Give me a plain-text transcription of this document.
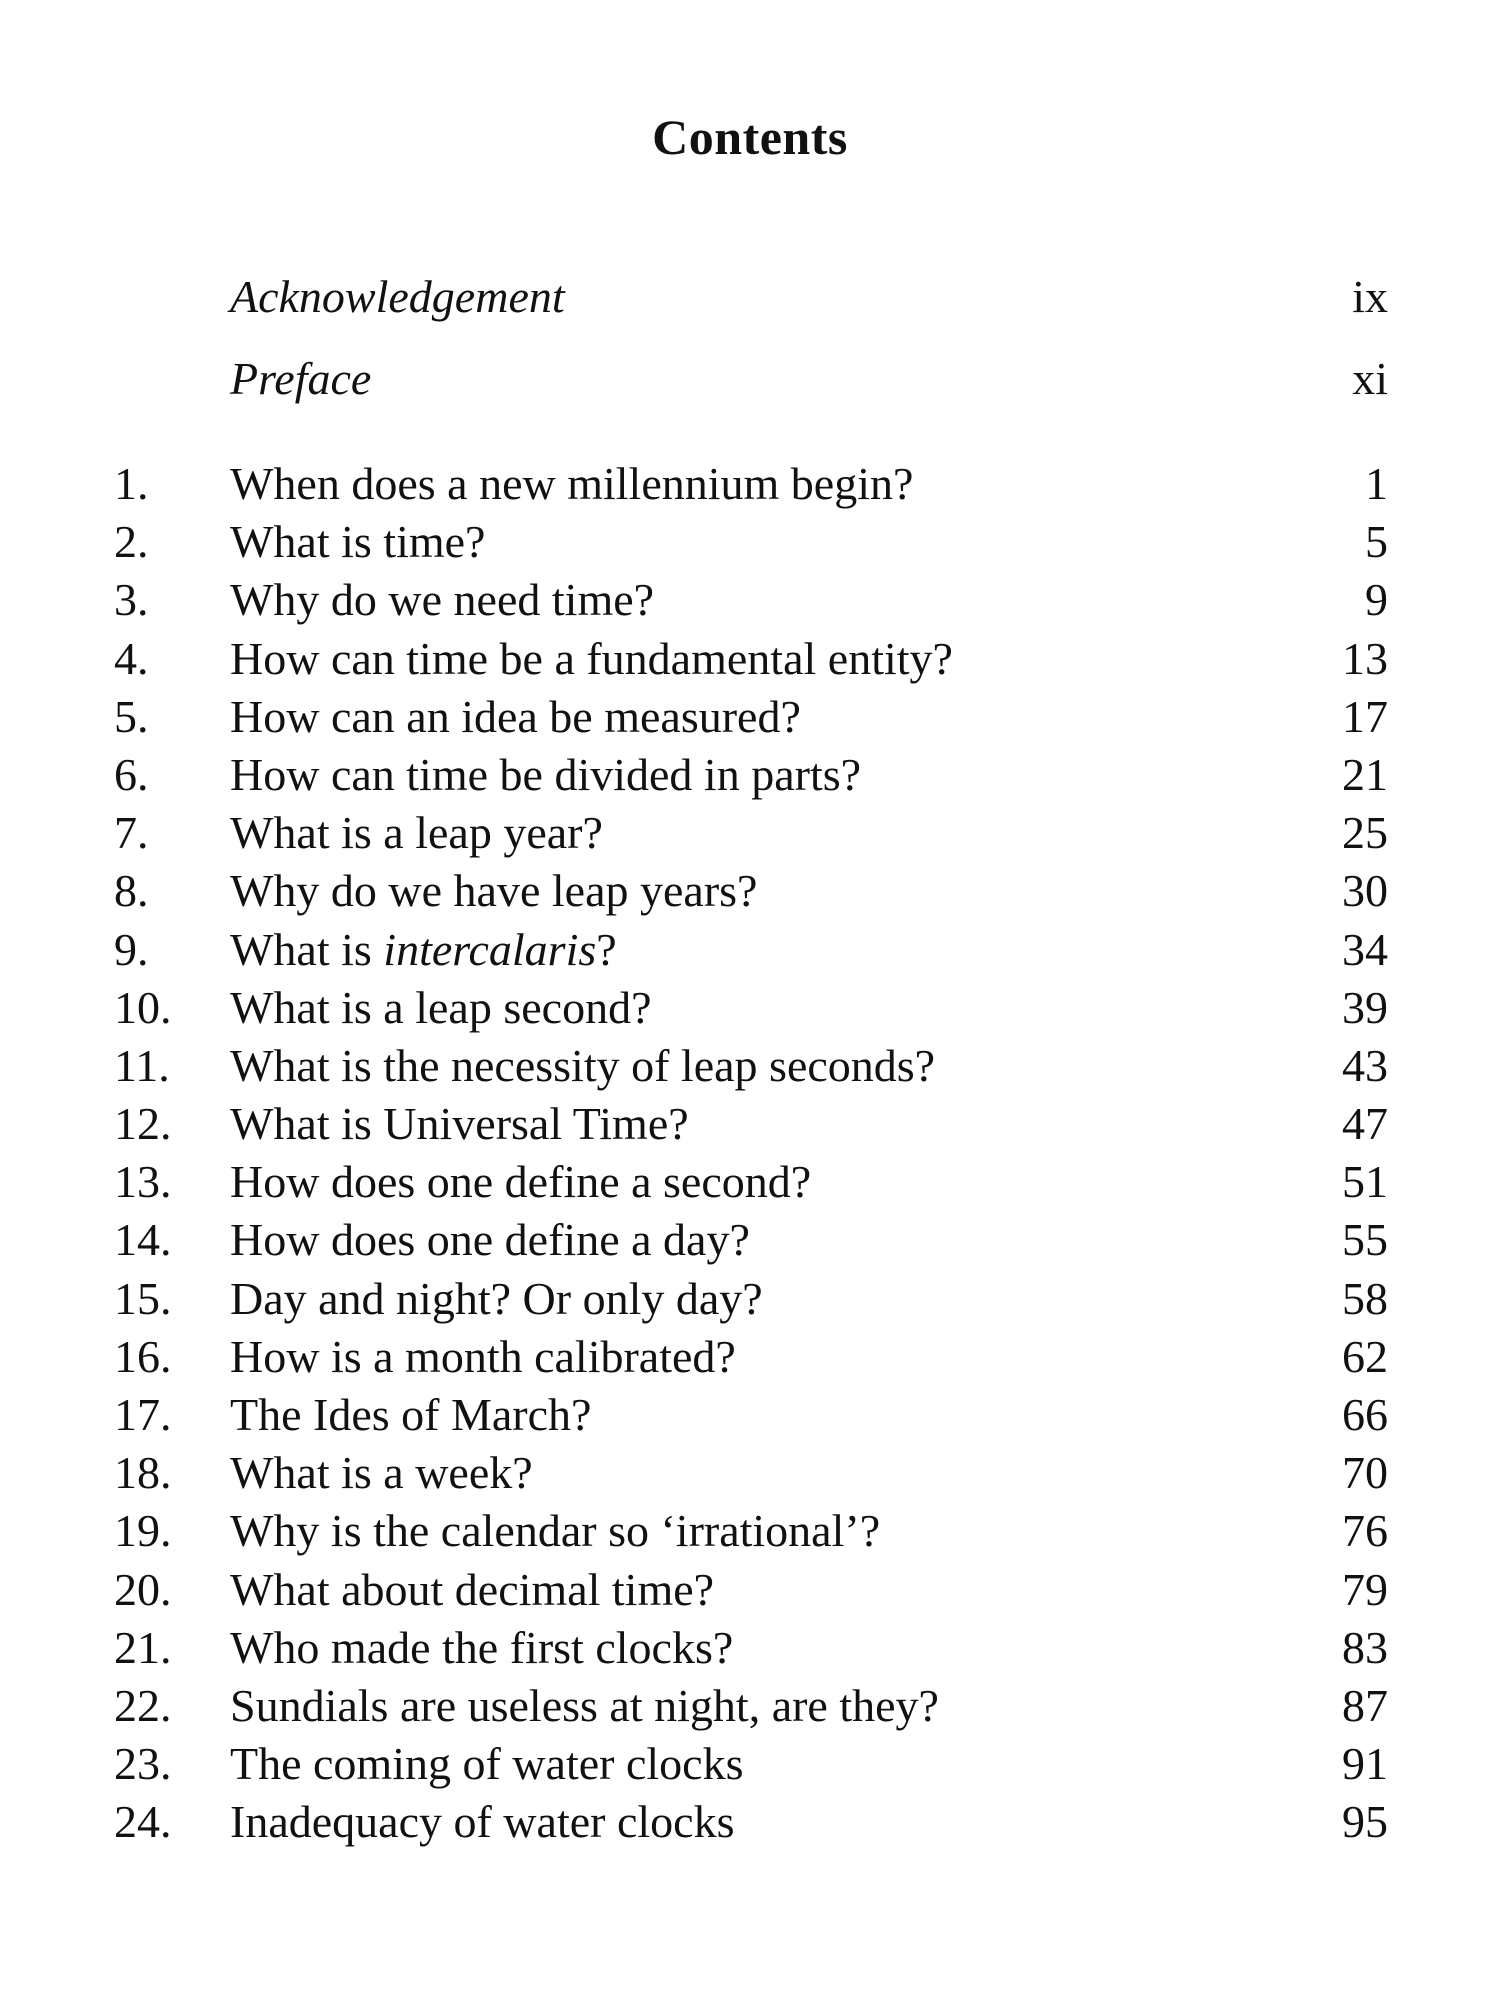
Contents
Acknowledgement	ix
Preface	xi
1. When does a new millennium begin?	1
2. What is time?	5
3. Why do we need time?	9
4. How can time be a fundamental entity?	13
5. How can an idea be measured?	17
6. How can time be divided in parts?	21
7. What is a leap year?	25
8. Why do we have leap years?	30
9. What is intercalaris?	34
10. What is a leap second?	39
11. What is the necessity of leap seconds?	43
12. What is Universal Time?	47
13. How does one define a second?	51
14. How does one define a day?	55
15. Day and night? Or only day?	58
16. How is a month calibrated?	62
17. The Ides of March?	66
18. What is a week?	70
19. Why is the calendar so ‘irrational’?	76
20. What about decimal time?	79
21. Who made the first clocks?	83
22. Sundials are useless at night, are they?	87
23. The coming of water clocks	91
24. Inadequacy of water clocks	95
